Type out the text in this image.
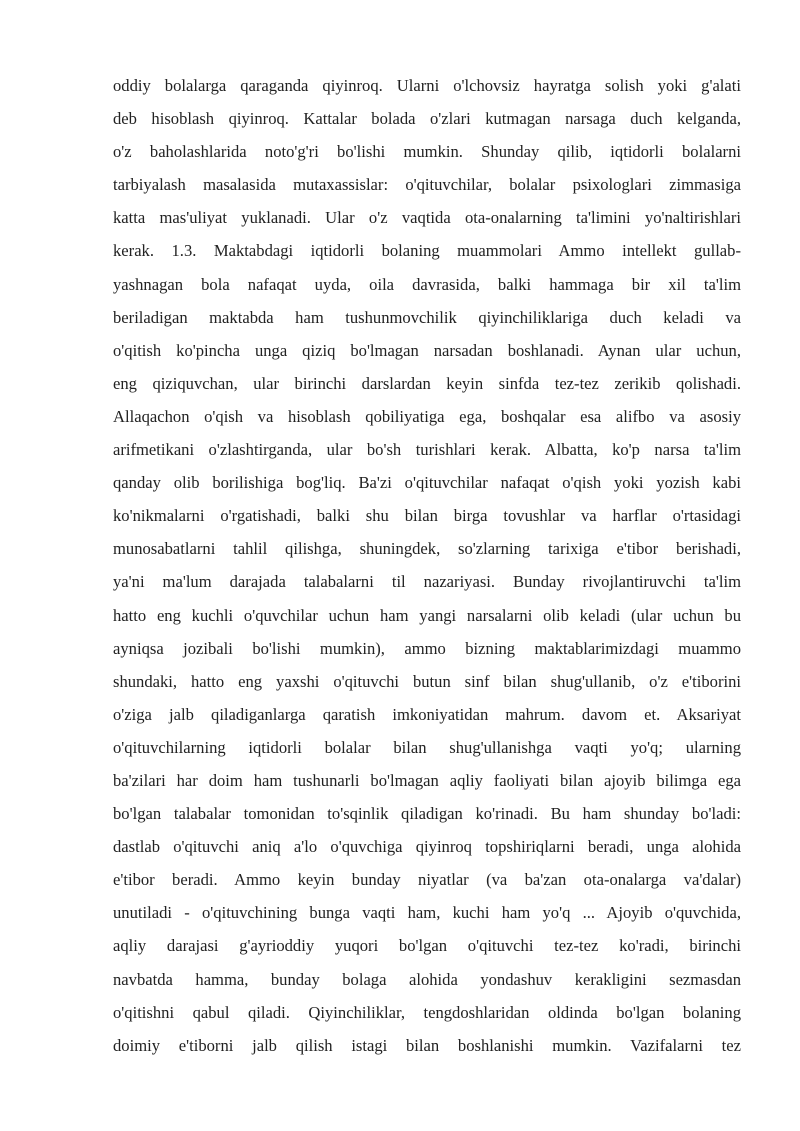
oddiy bolalarga qaraganda qiyinroq. Ularni o'lchovsiz hayratga solish yoki g'alati
deb hisoblash qiyinroq. Kattalar bolada o'zlari kutmagan narsaga duch kelganda,
o'z baholashlarida noto'g'ri bo'lishi mumkin. Shunday qilib, iqtidorli bolalarni
tarbiyalash masalasida mutaxassislar: o'qituvchilar, bolalar psixologlari zimmasiga
katta mas'uliyat yuklanadi. Ular o'z vaqtida ota-onalarning ta'limini yo'naltirishlari
kerak. 1.3. Maktabdagi iqtidorli bolaning muammolari Ammo intellekt gullab-
yashnagan bola nafaqat uyda, oila davrasida, balki hammaga bir xil ta'lim
beriladigan maktabda ham tushunmovchilik qiyinchiliklariga duch keladi va
o'qitish ko'pincha unga qiziq bo'lmagan narsadan boshlanadi. Aynan ular uchun,
eng qiziquvchan, ular birinchi darslardan keyin sinfda tez-tez zerikib qolishadi.
Allaqachon o'qish va hisoblash qobiliyatiga ega, boshqalar esa alifbo va asosiy
arifmetikani o'zlashtirganda, ular bo'sh turishlari kerak. Albatta, ko'p narsa ta'lim
qanday olib borilishiga bog'liq. Ba'zi o'qituvchilar nafaqat o'qish yoki yozish kabi
ko'nikmalarni o'rgatishadi, balki shu bilan birga tovushlar va harflar o'rtasidagi
munosabatlarni tahlil qilishga, shuningdek, so'zlarning tarixiga e'tibor berishadi,
ya'ni ma'lum darajada talabalarni til nazariyasi. Bunday rivojlantiruvchi ta'lim
hatto eng kuchli o'quvchilar uchun ham yangi narsalarni olib keladi (ular uchun bu
ayniqsa jozibali bo'lishi mumkin), ammo bizning maktablarimizdagi muammo
shundaki, hatto eng yaxshi o'qituvchi butun sinf bilan shug'ullanib, o'z e'tiborini
o'ziga jalb qiladiganlarga qaratish imkoniyatidan mahrum. davom et. Aksariyat
o'qituvchilarning iqtidorli bolalar bilan shug'ullanishga vaqti yo'q; ularning
ba'zilari har doim ham tushunarli bo'lmagan aqliy faoliyati bilan ajoyib bilimga ega
bo'lgan talabalar tomonidan to'sqinlik qiladigan ko'rinadi. Bu ham shunday bo'ladi:
dastlab o'qituvchi aniq a'lo o'quvchiga qiyinroq topshiriqlarni beradi, unga alohida
e'tibor beradi. Ammo keyin bunday niyatlar (va ba'zan ota-onalarga va'dalar)
unutiladi - o'qituvchining bunga vaqti ham, kuchi ham yo'q ... Ajoyib o'quvchida,
aqliy darajasi g'ayrioddiy yuqori bo'lgan o'qituvchi tez-tez ko'radi, birinchi
navbatda hamma, bunday bolaga alohida yondashuv kerakligini sezmasdan
o'qitishni qabul qiladi. Qiyinchiliklar, tengdoshlaridan oldinda bo'lgan bolaning
doimiy e'tiborni jalb qilish istagi bilan boshlanishi mumkin. Vazifalarni tez
